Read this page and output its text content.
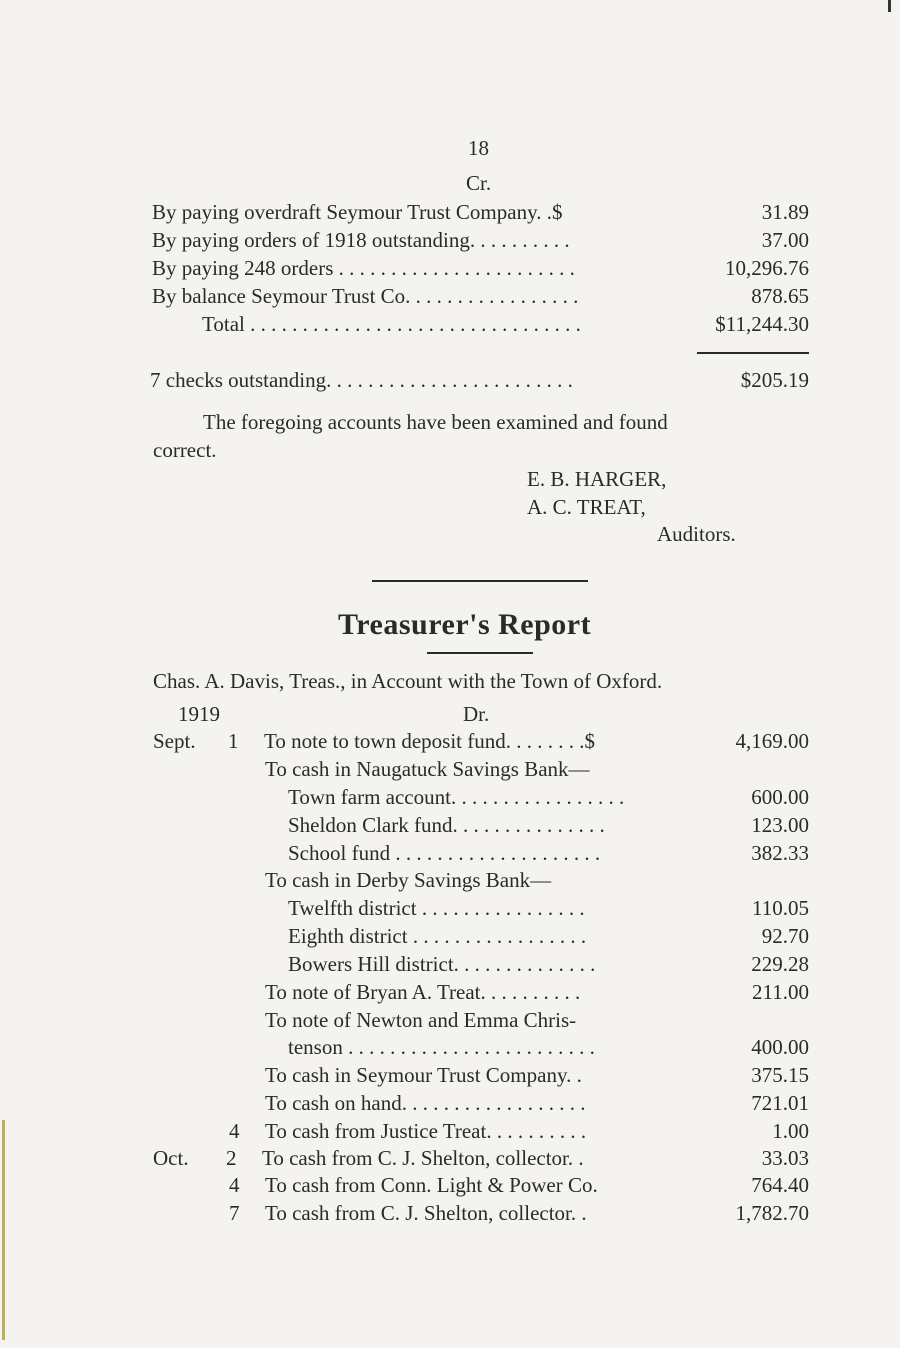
18
Cr.
By paying overdraft Seymour Trust Company. .$	31.89
By paying orders of 1918 outstanding. . . . . . . . . .	37.00
By paying 248 orders . . . . . . . . . . . . . . . . . . . . . . .	10,296.76
By balance Seymour Trust Co. . . . . . . . . . . . . . . . .	878.65
Total . . . . . . . . . . . . . . . . . . . . . . . . . . . . . . . .	$11,244.30
7 checks outstanding. . . . . . . . . . . . . . . . . . . . . . . .	$205.19
The foregoing accounts have been examined and found
correct.
E. B. HARGER,
A. C. TREAT,
Auditors.
Treasurer's Report
Chas. A. Davis, Treas., in Account with the Town of Oxford.
1919	Dr.
Sept. 1 To note to town deposit fund. . . . . . . .$	4,169.00
To cash in Naugatuck Savings Bank—
Town farm account. . . . . . . . . . . . . . . . .	600.00
Sheldon Clark fund. . . . . . . . . . . . . . .	123.00
School fund . . . . . . . . . . . . . . . . . . . .	382.33
To cash in Derby Savings Bank—
Twelfth district . . . . . . . . . . . . . . . .	110.05
Eighth district . . . . . . . . . . . . . . . . .	92.70
Bowers Hill district. . . . . . . . . . . . . .	229.28
To note of Bryan A. Treat. . . . . . . . . .	211.00
To note of Newton and Emma Chris-
tenson . . . . . . . . . . . . . . . . . . . . . . . .	400.00
To cash in Seymour Trust Company. .	375.15
To cash on hand. . . . . . . . . . . . . . . . . .	721.01
4 To cash from Justice Treat. . . . . . . . . .	1.00
Oct. 2 To cash from C. J. Shelton, collector. .	33.03
4 To cash from Conn. Light & Power Co.	764.40
7 To cash from C. J. Shelton, collector. .	1,782.70
